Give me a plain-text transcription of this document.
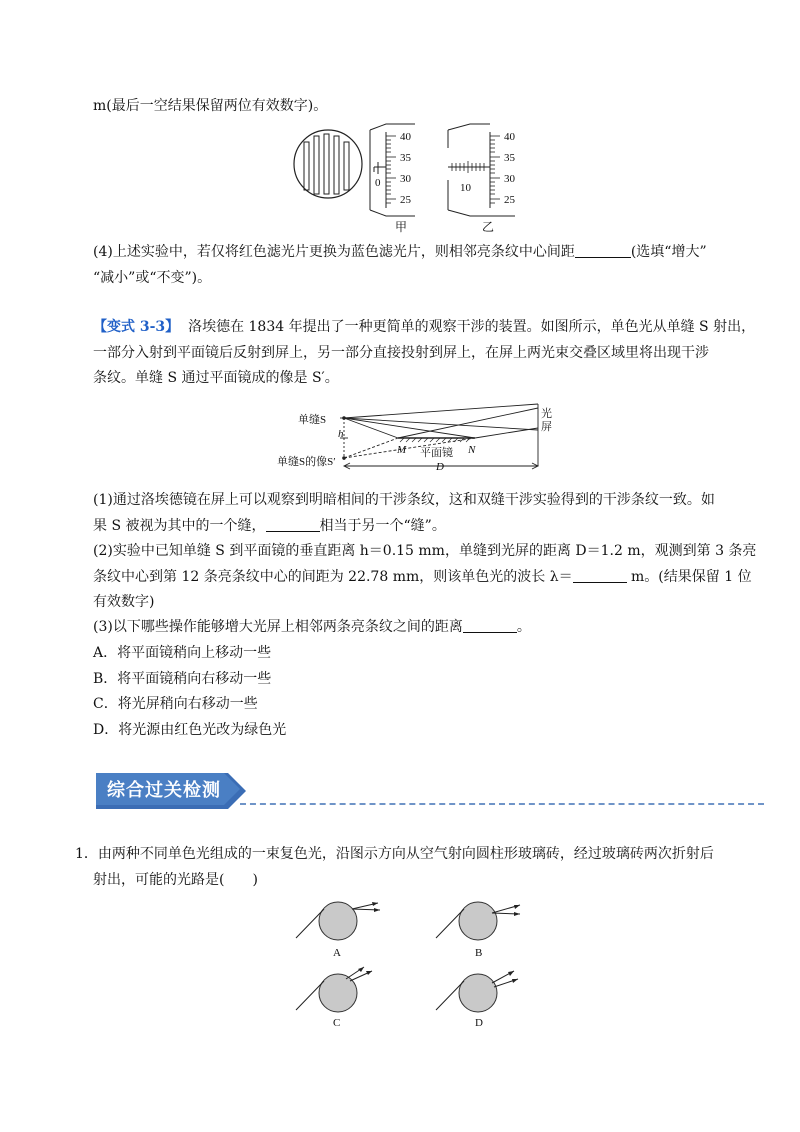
m(最后一空结果保留两位有效数字)。
40
35
30
25
0
40
35
30
25
10
甲	乙
(4)上述实验中，若仅将红色滤光片更换为蓝色滤光片，则相邻亮条纹中心间距	(选填“增大”
“减小”或“不变”)。
【变式 3-3】 洛埃德在 1834 年提出了一种更简单的观察干涉的装置。如图所示，单色光从单缝 S 射出，
一部分入射到平面镜后反射到屏上，另一部分直接投射到屏上，在屏上两光束交叠区域里将出现干涉
条纹。单缝 S 通过平面镜成的像是 S′。
单缝S
h
单缝S的像S′
M 平面镜 N
D
光
屏
(1)通过洛埃德镜在屏上可以观察到明暗相间的干涉条纹，这和双缝干涉实验得到的干涉条纹一致。如
果 S 被视为其中的一个缝，	相当于另一个“缝”。
(2)实验中已知单缝 S 到平面镜的垂直距离 h＝0.15 mm，单缝到光屏的距离 D＝1.2 m，观测到第 3 条亮
条纹中心到第 12 条亮条纹中心的间距为 22.78 mm，则该单色光的波长 λ＝	m。(结果保留 1 位
有效数字)
(3)以下哪些操作能够增大光屏上相邻两条亮条纹之间的距离	。
A．将平面镜稍向上移动一些
B．将平面镜稍向右移动一些
C．将光屏稍向右移动一些
D．将光源由红色光改为绿色光
综合过关检测
1．由两种不同单色光组成的一束复色光，沿图示方向从空气射向圆柱形玻璃砖，经过玻璃砖两次折射后
射出，可能的光路是(　　)
A	B
C	D
